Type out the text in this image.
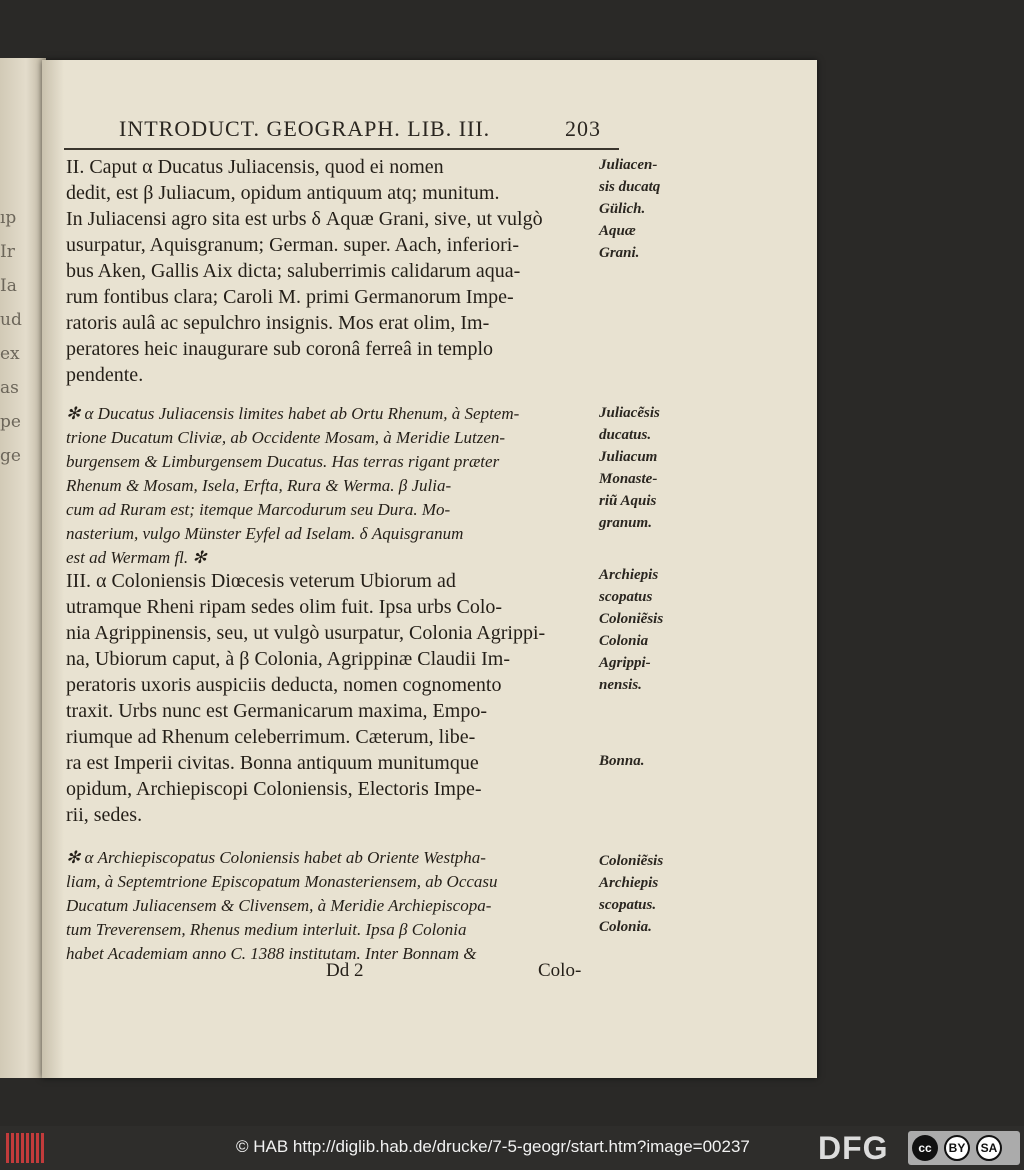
ıp
Ir
Ia
ud
ex
as
pe
ge
INTRODUCT. GEOGRAPH. LIB. III.	203
II. Caput α Ducatus Juliacensis, quod ei nomen
dedit, est β Juliacum, opidum antiquum atq; munitum.
In Juliacensi agro sita est urbs δ Aquæ Grani, sive, ut vulgò
usurpatur, Aquisgranum; German. super. Aach, inferiori-
bus Aken, Gallis Aix dicta; saluberrimis calidarum aqua-
rum fontibus clara; Caroli M. primi Germanorum Impe-
ratoris aulâ ac sepulchro insignis. Mos erat olim, Im-
peratores heic inaugurare sub coronâ ferreâ in templo
pendente.
✻ α Ducatus Juliacensis limites habet ab Ortu Rhenum, à Septem-
trione Ducatum Cliviæ, ab Occidente Mosam, à Meridie Lutzen-
burgensem & Limburgensem Ducatus. Has terras rigant præter
Rhenum & Mosam, Isela, Erfta, Rura & Werma. β Julia-
cum ad Ruram est; itemque Marcodurum seu Dura. Mo-
nasterium, vulgo Münster Eyfel ad Iselam. δ Aquisgranum
est ad Wermam fl. ✻
III. α Coloniensis Diœcesis veterum Ubiorum ad
utramque Rheni ripam sedes olim fuit. Ipsa urbs Colo-
nia Agrippinensis, seu, ut vulgò usurpatur, Colonia Agrippi-
na, Ubiorum caput, à β Colonia, Agrippinæ Claudii Im-
peratoris uxoris auspiciis deducta, nomen cognomento
traxit. Urbs nunc est Germanicarum maxima, Empo-
riumque ad Rhenum celeberrimum. Cæterum, libe-
ra est Imperii civitas. Bonna antiquum munitumque
opidum, Archiepiscopi Coloniensis, Electoris Impe-
rii, sedes.
✻ α Archiepiscopatus Coloniensis habet ab Oriente Westpha-
liam, à Septemtrione Episcopatum Monasteriensem, ab Occasu
Ducatum Juliacensem & Clivensem, à Meridie Archiepiscopa-
tum Treverensem, Rhenus medium interluit. Ipsa β Colonia
habet Academiam anno C. 1388 institutam. Inter Bonnam &
Juliacen-
sis ducatq
Gülich.
Aquæ
Grani.
Juliacẽsis
ducatus.
Juliacum
Monaste-
riũ Aquis
granum.
Archiepis
scopatus
Coloniẽsis
Colonia
Agrippi-
nensis.
Bonna.
Coloniẽsis
Archiepis
scopatus.
Colonia.
Dd 2	Colo-
© HAB http://diglib.hab.de/drucke/7-5-geogr/start.htm?image=00237 DFG	cc	BY	SA
